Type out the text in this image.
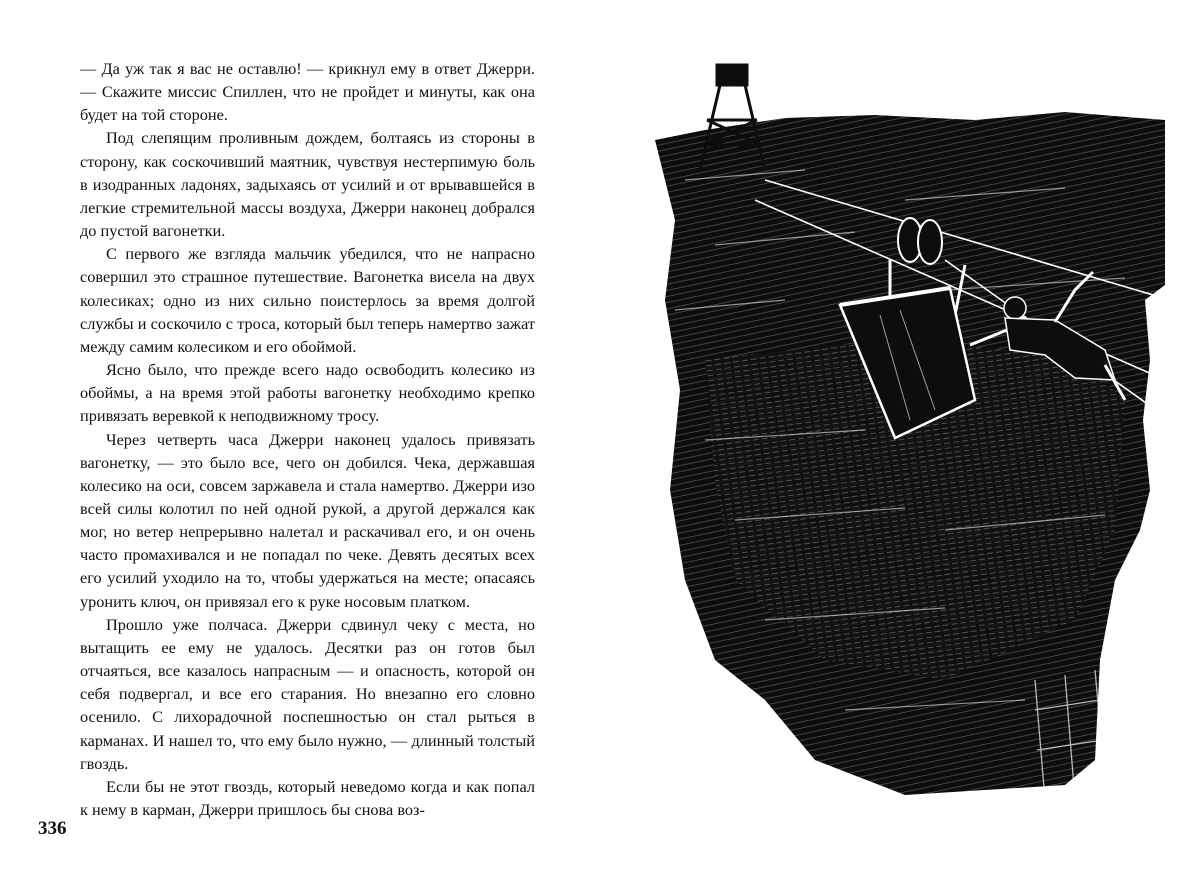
— Да уж так я вас не оставлю! — крикнул ему в ответ Джерри. — Скажите миссис Спиллен, что не пройдет и минуты, как она будет на той стороне.

Под слепящим проливным дождем, болтаясь из стороны в сторону, как соскочивший маятник, чувствуя нестерпимую боль в изодранных ладонях, задыхаясь от усилий и от врывавшейся в легкие стремительной массы воздуха, Джерри наконец добрался до пустой вагонетки.

С первого же взгляда мальчик убедился, что не напрасно совершил это страшное путешествие. Вагонетка висела на двух колесиках; одно из них сильно поистерлось за время долгой службы и соскочило с троса, который был теперь намертво зажат между самим колесиком и его обоймой.

Ясно было, что прежде всего надо освободить колесико из обоймы, а на время этой работы вагонетку необходимо крепко привязать веревкой к неподвижному тросу.

Через четверть часа Джерри наконец удалось привязать вагонетку, — это было все, чего он добился. Чека, державшая колесико на оси, совсем заржавела и стала намертво. Джерри изо всей силы колотил по ней одной рукой, а другой держался как мог, но ветер непрерывно налетал и раскачивал его, и он очень часто промахивался и не попадал по чеке. Девять десятых всех его усилий уходило на то, чтобы удержаться на месте; опасаясь уронить ключ, он привязал его к руке носовым платком.

Прошло уже полчаса. Джерри сдвинул чеку с места, но вытащить ее ему не удалось. Десятки раз он готов был отчаяться, все казалось напрасным — и опасность, которой он себя подвергал, и все его старания. Но внезапно его словно осенило. С лихорадочной поспешностью он стал рыться в карманах. И нашел то, что ему было нужно, — длинный толстый гвоздь.

Если бы не этот гвоздь, который неведомо когда и как попал к нему в карман, Джерри пришлось бы снова воз-

336
